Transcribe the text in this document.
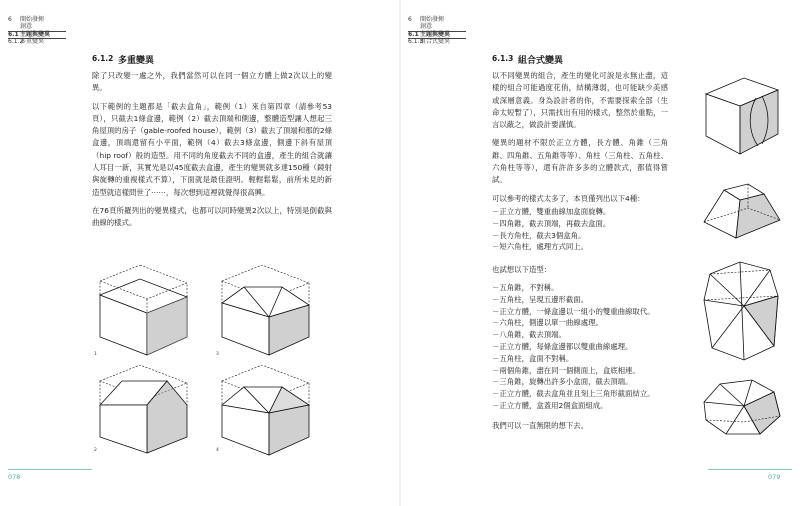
6 開始發揮
創意
6.1主題與變異
6.1.2多重變異
6.1.2 多重變異

除了只改變一處之外，我們當然可以在同一個立方體上做2次以上的變異。

以下範例的主題都是「截去盒角」，範例（1）來自第四章（請參考53頁），只截去1條盒邊，範例（2）截去頂端和側邊，整體造型讓人想起三角屋頂的房子（gable-roofed house），範例（3）截去了頂端和那的2條盒邊，頂端還留有小平面，範例（4）截去3條盒邊，側邊下斜有屋頂（hip roof）般的造型。用不同的角度截去不同的盒邊，產生的組合就讓人耳目一新，其實光是以45度截去盒邊，產生的變異就多達150種（鏡射與旋轉的重複樣式不算），下面就是最佳證明。輕輕鬆鬆，前所未見的新造型就這樣問世了⋯⋯，每次想到這裡就覺得很高興。

在76頁所羅列出的變異樣式，也都可以同時變異2次以上，特別是倒截與曲線的樣式。

1	3
2	4
078
6 開始發揮
創意
6.1主題與變異
6.1.3組合式變異
6.1.3 組合式變異

以不同變異的組合，產生的變化可說是永無止盡，這樣的組合可能過度花俏，結構薄弱，也可能缺少美感或深層意義。身為設計者的你，不需要探索全部（生命太短暫了），只需找出有用的樣式，整然於重點，一言以蔽之，做設計要謹慎。

變異的題材不限於正立方體，長方體、角錐（三角錐、四角錐、五角錐等等）、角柱（三角柱、五角柱、六角柱等等），還有許許多多的立體款式，都值得嘗試。

可以參考的樣式太多了，本頁僅列出以下4種：

－正立方體，雙重曲線加盒面旋轉。
－四角錐，截去頂端，再截去盒面。
－長方角柱，截去3個盒角。
－短六角柱，處理方式同上。
也試想以下造型：
－五角錐，不對稱。
－五角柱，呈現五邊形截面。
－正立方體，一條盒邊以一組小的雙重曲線取代。
－六角柱，側邊以單一曲線處理。
－八角錐，截去頂端。
－正立方體，每條盒邊都以雙重曲線處理。
－五角柱，盒面不對稱。
－兩個角錐，盡在同一個側面上，盒底相連。
－三角錐，旋轉出許多小盒面，截去頂端。
－正立方體，截去盒角並且刻上三角形截面結立。
－正立方體，盒蓋用2個盒面組成。
我們可以一直無限的想下去。
079
